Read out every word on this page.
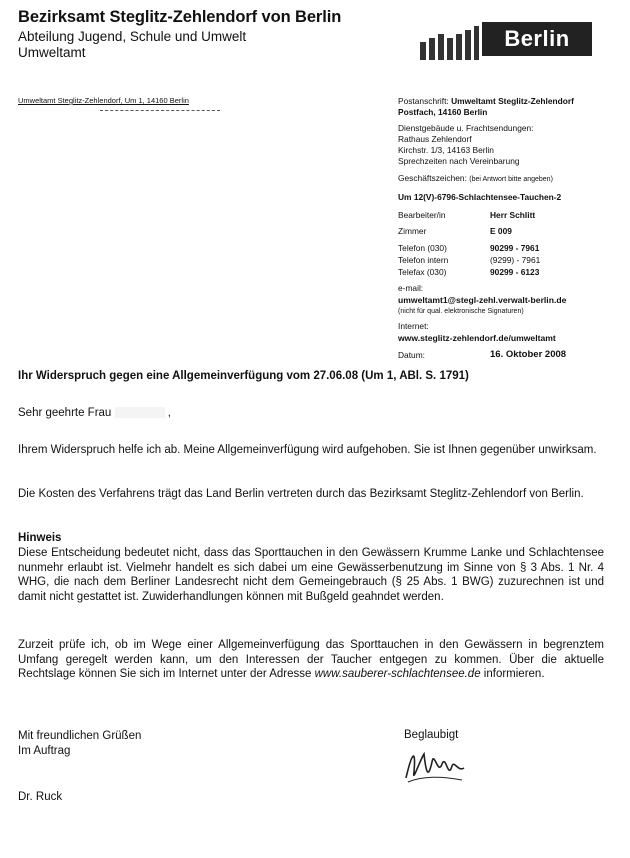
Bezirksamt Steglitz-Zehlendorf von Berlin
Abteilung Jugend, Schule und Umwelt
Umweltamt
Berlin
Umweltamt Steglitz-Zehlendorf, Um 1, 14160 Berlin	Postanschrift: Umweltamt Steglitz-Zehlendorf
Postfach, 14160 Berlin
Dienstgebäude u. Frachtsendungen:
Rathaus Zehlendorf
Kirchstr. 1/3, 14163 Berlin
Sprechzeiten nach Vereinbarung
Geschäftszeichen: (bei Antwort bitte angeben)
Um 12(V)-6796-Schlachtensee-Tauchen-2
Bearbeiter/in	Herr Schlitt
Zimmer	E 009
Telefon (030)	90299 - 7961
Telefon intern	(9299) - 7961
Telefax (030)	90299 - 6123
e-mail:
umweltamt1@stegl-zehl.verwalt-berlin.de
(nicht für qual. elektronische Signaturen)
Internet:
www.steglitz-zehlendorf.de/umweltamt
Datum:	16. Oktober 2008
Ihr Widerspruch gegen eine Allgemeinverfügung vom 27.06.08 (Um 1, ABl. S. 1791)
Sehr geehrte Frau	,
Ihrem Widerspruch helfe ich ab. Meine Allgemeinverfügung wird aufgehoben. Sie ist Ihnen gegenüber unwirksam.
Die Kosten des Verfahrens trägt das Land Berlin vertreten durch das Bezirksamt Steglitz-Zehlendorf von Berlin.
Hinweis
Diese Entscheidung bedeutet nicht, dass das Sporttauchen in den Gewässern Krumme Lanke und Schlachtensee nunmehr erlaubt ist. Vielmehr handelt es sich dabei um eine Gewässerbenutzung im Sinne von § 3 Abs. 1 Nr. 4 WHG, die nach dem Berliner Landesrecht nicht dem Gemeingebrauch (§ 25 Abs. 1 BWG) zuzurechnen ist und damit nicht gestattet ist. Zuwiderhandlungen können mit Bußgeld geahndet werden.
Zurzeit prüfe ich, ob im Wege einer Allgemeinverfügung das Sporttauchen in den Gewässern in begrenztem Umfang geregelt werden kann, um den Interessen der Taucher entgegen zu kommen. Über die aktuelle Rechtslage können Sie sich im Internet unter der Adresse www.sauberer-schlachtensee.de informieren.
Mit freundlichen Grüßen
Im Auftrag
Beglaubigt
Dr. Ruck
